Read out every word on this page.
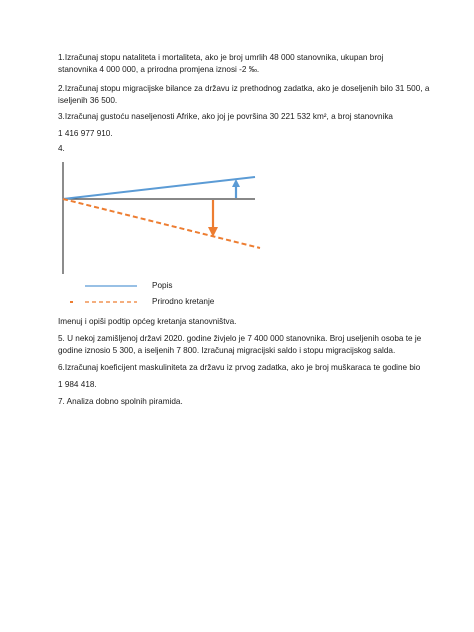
1.Izračunaj stopu nataliteta i mortaliteta, ako je broj umrlih 48 000 stanovnika, ukupan broj
stanovnika 4 000 000, a prirodna promjena iznosi -2 ‰.

2.Izračunaj stopu migracijske bilance za državu iz prethodnog zadatka, ako je doseljenih bilo 31 500, a
iseljenih 36 500.

3.Izračunaj gustoću naseljenosti Afrike, ako joj je površina 30 221 532 km², a broj stanovnika

1 416 977 910.

4.

Popis
Prirodno kretanje

Imenuj i opiši podtip općeg kretanja stanovništva.

5. U nekoj zamišljenoj državi 2020. godine živjelo je 7 400 000 stanovnika. Broj useljenih osoba te je
godine iznosio 5 300, a iseljenih 7 800. Izračunaj migracijski saldo i stopu migracijskog salda.

6.Izračunaj koeficijent maskuliniteta za državu iz prvog zadatka, ako je broj muškaraca te godine bio

1 984 418.

7. Analiza dobno spolnih piramida.
